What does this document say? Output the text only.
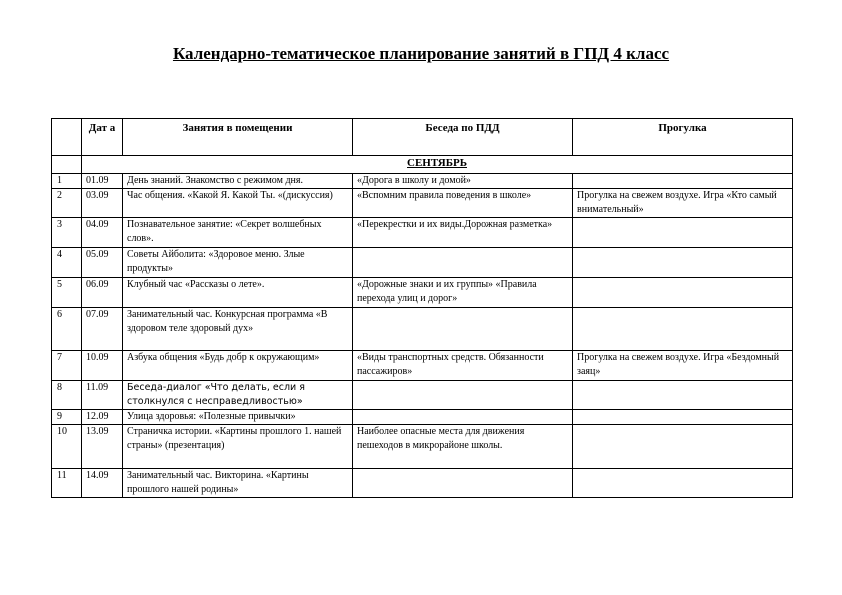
Календарно-тематическое планирование занятий в ГПД 4 класс
	Дат а	Занятия в помещении	Беседа по ПДД	Прогулка
	СЕНТЯБРЬ			
1	01.09	День знаний. Знакомство с режимом дня.	«Дорога в школу и домой»	
2	03.09	Час общения. «Какой Я. Какой Ты. «(дискуссия)	«Вспомним правила поведения в школе»	Прогулка на свежем воздухе. Игра «Кто самый внимательный»
3	04.09	Познавательное занятие: «Секрет волшебных слов».	«Перекрестки и их виды.Дорожная разметка»	
4	05.09	Советы Айболита: «Здоровое меню. Злые продукты»		
5	06.09	Клубный час «Рассказы о лете».	«Дорожные знаки и их группы» «Правила перехода улиц и дорог»	
6	07.09	Занимательный час. Конкурсная программа «В здоровом теле здоровый дух»		
7	10.09	Азбука общения «Будь добр к окружающим»	«Виды транспортных средств. Обязанности пассажиров»	Прогулка на свежем воздухе. Игра «Бездомный заяц»
8	11.09	Беседа-диалог «Что делать, если я столкнулся с несправедливостью»		
9	12.09	Улица здоровья: «Полезные привычки»		
10	13.09	Страничка истории. «Картины прошлого 1. нашей страны» (презентация)	Наиболее опасные места для движения пешеходов в микрорайоне школы.	
11	14.09	Занимательный час. Викторина. «Картины прошлого нашей родины»		
